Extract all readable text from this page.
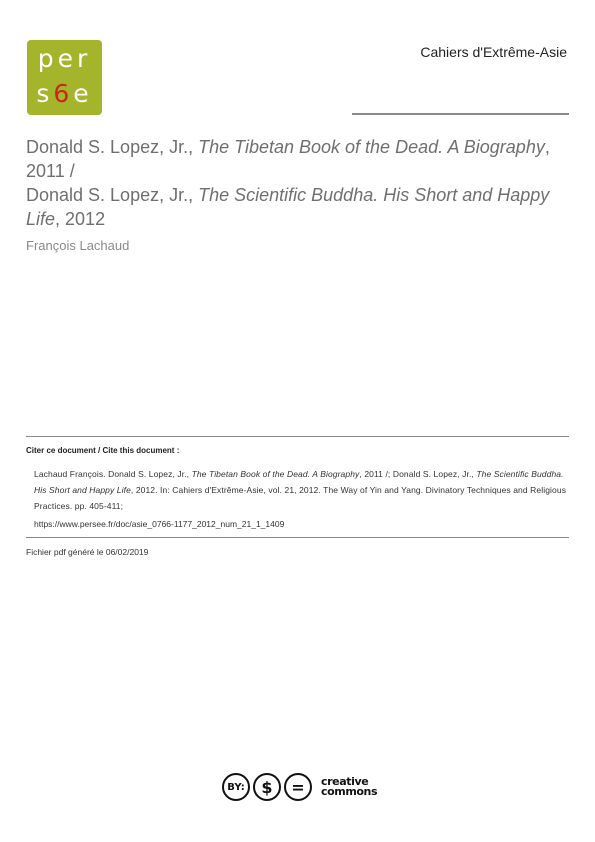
per
s6e
Cahiers d'Extrême-Asie
Donald S. Lopez, Jr., The Tibetan Book of the Dead. A Biography, 2011 /
Donald S. Lopez, Jr., The Scientific Buddha. His Short and Happy Life, 2012
François Lachaud
Citer ce document / Cite this document :
Lachaud François. Donald S. Lopez, Jr., The Tibetan Book of the Dead. A Biography, 2011 /; Donald S. Lopez, Jr., The Scientific Buddha. His Short and Happy Life, 2012. In: Cahiers d'Extrême-Asie, vol. 21, 2012. The Way of Yin and Yang. Divinatory Techniques and Religious Practices. pp. 405-411;
https://www.persee.fr/doc/asie_0766-1177_2012_num_21_1_1409
Fichier pdf généré le 06/02/2019
BY:	$	=	creative
commons
